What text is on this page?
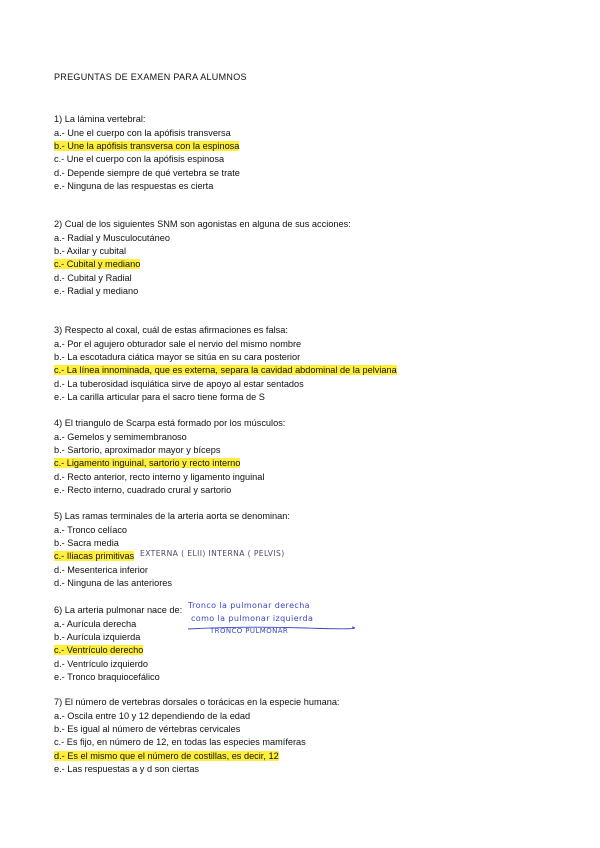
PREGUNTAS DE EXAMEN PARA ALUMNOS
1) La lámina vertebral:
a.- Une el cuerpo con la apófisis transversa
b.- Une la apófisis transversa con la espinosa
c.- Une el cuerpo con la apófisis espinosa
d.- Depende siempre de qué vertebra se trate
e.- Ninguna de las respuestas es cierta
2) Cual de los siguientes SNM son agonistas en alguna de sus acciones:
a.- Radial y Musculocutáneo
b.- Axilar y cubital
c.- Cubital y mediano
d.- Cubital y Radial
e.- Radial y mediano
3) Respecto al coxal, cuál de estas afirmaciones es falsa:
a.- Por el agujero obturador sale el nervio del mismo nombre
b.- La escotadura ciática mayor se sitúa en su cara posterior
c.- La línea innominada, que es externa, separa la cavidad abdominal de la pelviana
d.- La tuberosidad isquiática sirve de apoyo al estar sentados
e.- La carilla articular para el sacro tiene forma de S
4) El triangulo de Scarpa está formado por los músculos:
a.- Gemelos y semimembranoso
b.- Sartorio, aproximador mayor y bíceps
c.- Ligamento inguinal, sartorio y recto interno
d.- Recto anterior, recto interno y ligamento inguinal
e.- Recto interno, cuadrado crural y sartorio
5) Las ramas terminales de la arteria aorta se denominan:
a.- Tronco celíaco
b.- Sacra media
c.- Iliacas primitivas
d.- Mesenterica inferior
d.- Ninguna de las anteriores
6) La arteria pulmonar nace de:
a.- Aurícula derecha
b.- Aurícula izquierda
c.- Ventrículo derecho
d.- Ventrículo izquierdo
e.- Tronco braquiocefálico
7) El número de vertebras dorsales o torácicas en la especie humana:
a.- Oscila entre 10 y 12 dependiendo de la edad
b.- Es igual al número de vértebras cervicales
c.- Es fijo, en número de 12, en todas las especies mamíferas
d.- Es el mismo que el número de costillas, es decir, 12
e.- Las respuestas a y d son ciertas
EXTERNA ( ELII) INTERNA ( PELVIS)
Tronco la pulmonar derecha
como la pulmonar izquierda
TRONCO PULMONAR
